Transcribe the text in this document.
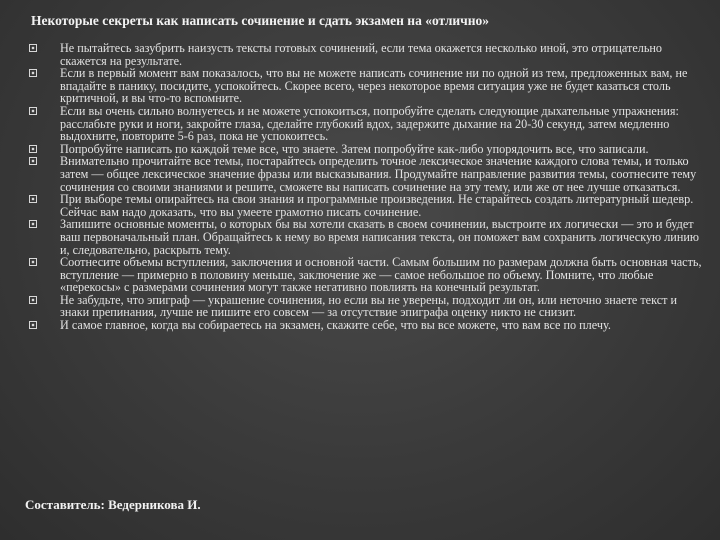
Некоторые секреты как написать сочинение и сдать экзамен на «отлично»
Не пытайтесь зазубрить наизусть тексты готовых сочинений, если тема окажется несколько иной, это отрицательно скажется на результате.
Если в первый момент вам показалось, что вы не можете написать сочинение ни по одной из тем, предложенных вам, не впадайте в панику, посидите, успокойтесь. Скорее всего, через некоторое время ситуация уже не будет казаться столь критичной, и вы что-то вспомните.
Если вы очень сильно волнуетесь и не можете успокоиться, попробуйте сделать следующие дыхательные упражнения: расслабьте руки и ноги, закройте глаза, сделайте глубокий вдох, задержите дыхание на 20-30 секунд, затем медленно выдохните, повторите 5-6 раз, пока не успокоитесь.
Попробуйте написать по каждой теме все, что знаете. Затем попробуйте как-либо упорядочить все, что записали.
Внимательно прочитайте все темы, постарайтесь определить точное лексическое значение каждого слова темы, и только затем — общее лексическое значение фразы или высказывания. Продумайте направление развития темы, соотнесите тему сочинения со своими знаниями и решите, сможете вы написать сочинение на эту тему, или же от нее лучше отказаться.
При выборе темы опирайтесь на свои знания и программные произведения. Не старайтесь создать литературный шедевр. Сейчас вам надо доказать, что вы умеете грамотно писать сочинение.
Запишите основные моменты, о которых бы вы хотели сказать в своем сочинении, выстроите их логически — это и будет ваш первоначальный план. Обращайтесь к нему во время написания текста, он поможет вам сохранить логическую линию и, следовательно, раскрыть тему.
Соотнесите объемы вступления, заключения и основной части. Самым большим по размерам должна быть основная часть, вступление — примерно в половину меньше, заключение же — самое небольшое по объему. Помните, что любые «перекосы» с размерами сочинения могут также негативно повлиять на конечный результат.
Не забудьте, что эпиграф — украшение сочинения, но если вы не уверены, подходит ли он, или неточно знаете текст и знаки препинания, лучше не пишите его совсем — за отсутствие эпиграфа оценку никто не снизит.
И самое главное, когда вы собираетесь на экзамен, скажите себе, что вы все можете, что вам все по плечу.
Составитель: Ведерникова И.
